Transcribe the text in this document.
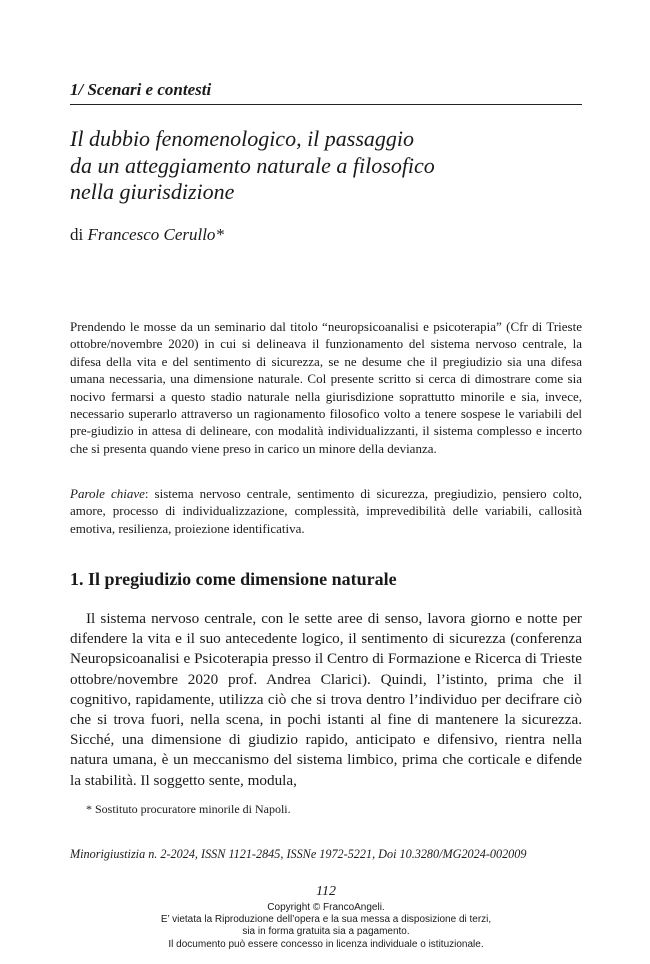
1/ Scenari e contesti
Il dubbio fenomenologico, il passaggio
da un atteggiamento naturale a filosofico
nella giurisdizione
di Francesco Cerullo*
Prendendo le mosse da un seminario dal titolo “neuropsicoanalisi e psicoterapia” (Cfr di Trieste ottobre/novembre 2020) in cui si delineava il funzionamento del sistema nervoso centrale, la difesa della vita e del sentimento di sicurezza, se ne desume che il pregiudizio sia una difesa umana necessaria, una dimensione naturale. Col presente scritto si cerca di dimostrare come sia nocivo fermarsi a questo stadio naturale nella giurisdizione soprattutto minorile e sia, invece, necessario superarlo attraverso un ragionamento filosofico volto a tenere sospese le variabili del pre-giudizio in attesa di delineare, con modalità individualizzanti, il sistema complesso e incerto che si presenta quando viene preso in carico un minore della devianza.
Parole chiave: sistema nervoso centrale, sentimento di sicurezza, pregiudizio, pensiero colto, amore, processo di individualizzazione, complessità, imprevedibilità delle variabili, callosità emotiva, resilienza, proiezione identificativa.
1. Il pregiudizio come dimensione naturale
Il sistema nervoso centrale, con le sette aree di senso, lavora giorno e notte per difendere la vita e il suo antecedente logico, il sentimento di sicurezza (conferenza Neuropsicoanalisi e Psicoterapia presso il Centro di Formazione e Ricerca di Trieste ottobre/novembre 2020 prof. Andrea Clarici). Quindi, l’istinto, prima che il cognitivo, rapidamente, utilizza ciò che si trova dentro l’individuo per decifrare ciò che si trova fuori, nella scena, in pochi istanti al fine di mantenere la sicurezza. Sicché, una dimensione di giudizio rapido, anticipato e difensivo, rientra nella natura umana, è un meccanismo del sistema limbico, prima che corticale e difende la stabilità. Il soggetto sente, modula,
* Sostituto procuratore minorile di Napoli.
Minorigiustizia n. 2-2024, ISSN 1121-2845, ISSNe 1972-5221, Doi 10.3280/MG2024-002009
112
Copyright © FrancoAngeli.
E’ vietata la Riproduzione dell’opera e la sua messa a disposizione di terzi,
sia in forma gratuita sia a pagamento.
Il documento può essere concesso in licenza individuale o istituzionale.
